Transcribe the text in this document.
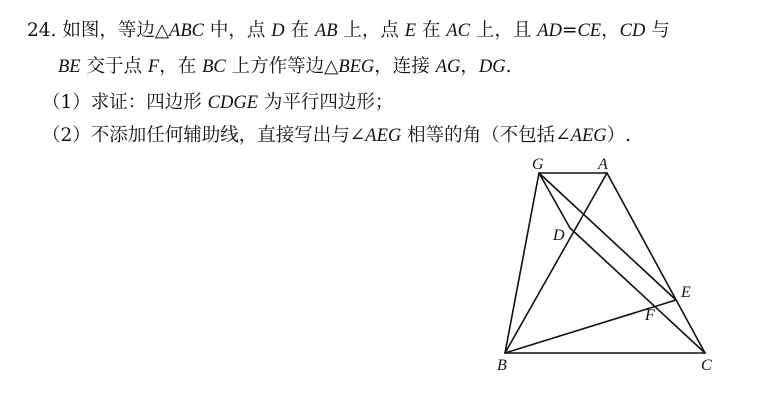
24. 如图，等边△ABC 中，点 D 在 AB 上，点 E 在 AC 上，且 AD=CE，CD 与
BE 交于点 F，在 BC 上方作等边△BEG，连接 AG，DG.
（1）求证：四边形 CDGE 为平行四边形；
（2）不添加任何辅助线，直接写出与∠AEG 相等的角（不包括∠AEG）.
G	A
D
E
F
B	C
